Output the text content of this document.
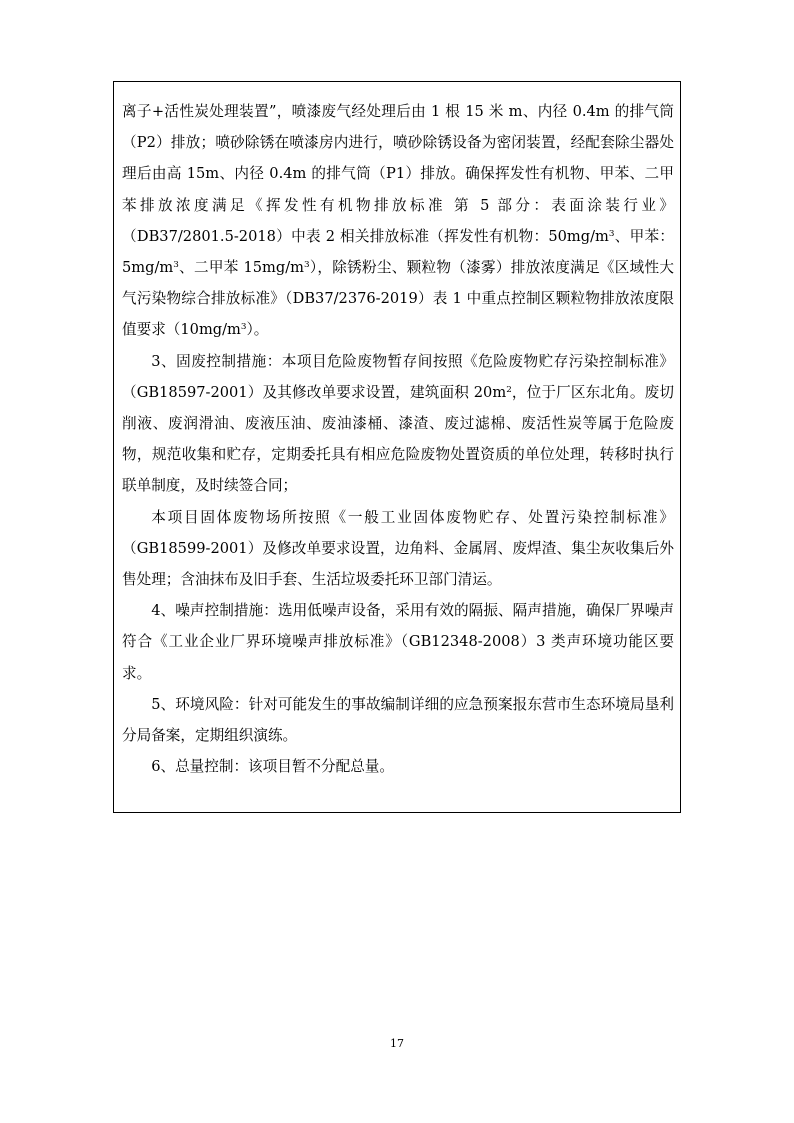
离子+活性炭处理装置”，喷漆废气经处理后由 1 根 15 米 m、内径 0.4m 的排气筒（P2）排放；喷砂除锈在喷漆房内进行，喷砂除锈设备为密闭装置，经配套除尘器处理后由高 15m、内径 0.4m 的排气筒（P1）排放。确保挥发性有机物、甲苯、二甲苯排放浓度满足《挥发性有机物排放标准 第 5 部分：表面涂装行业》（DB37/2801.5-2018）中表 2 相关排放标准（挥发性有机物：$50mg/m^3$、甲苯：$5mg/m^3$、二甲苯 $15mg/m^3$），除锈粉尘、颗粒物（漆雾）排放浓度满足《区域性大气污染物综合排放标准》（DB37/2376-2019）表 1 中重点控制区颗粒物排放浓度限值要求$(10mg/m^3)$。

3、固废控制措施：本项目危险废物暂存间按照《危险废物贮存污染控制标准》（GB18597-2001）及其修改单要求设置，建筑面积 $20m^2$，位于厂区东北角。废切削液、废润滑油、废液压油、废油漆桶、漆渣、废过滤棉、废活性炭等属于危险废物，规范收集和贮存，定期委托具有相应危险废物处置资质的单位处理，转移时执行联单制度，及时续签合同；

本项目固体废物场所按照《一般工业固体废物贮存、处置污染控制标准》（GB18599-2001）及修改单要求设置，边角料、金属屑、废焊渣、集尘灰收集后外售处理；含油抹布及旧手套、生活垃圾委托环卫部门清运。

4、噪声控制措施：选用低噪声设备，采用有效的隔振、隔声措施，确保厂界噪声符合《工业企业厂界环境噪声排放标准》（GB12348-2008）3 类声环境功能区要求。

5、环境风险：针对可能发生的事故编制详细的应急预案报东营市生态环境局垦利分局备案，定期组织演练。

6、总量控制：该项目暂不分配总量。

17
